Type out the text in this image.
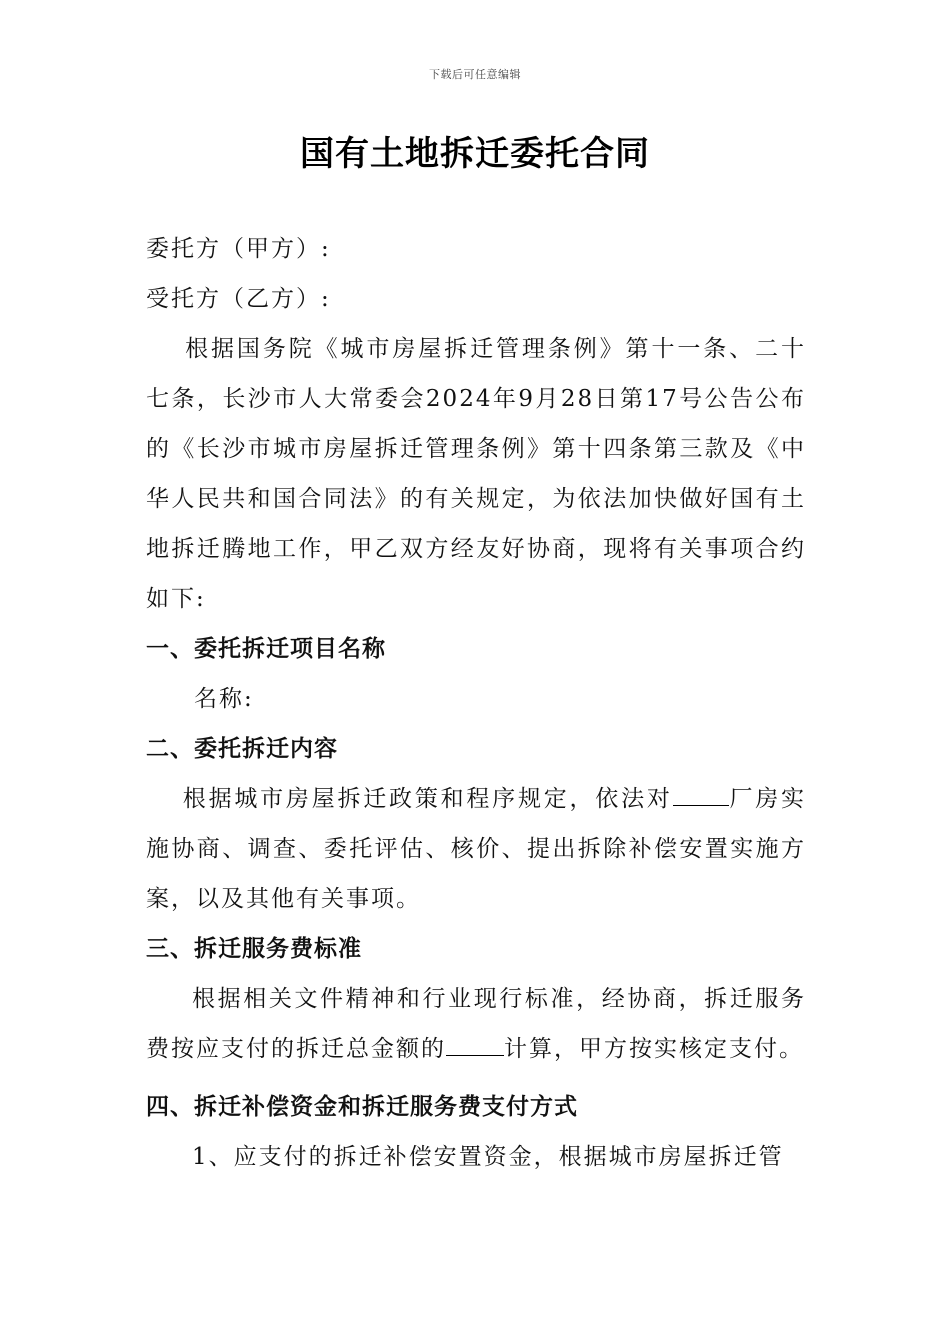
下载后可任意编辑
国有土地拆迁委托合同

委托方（甲方）:

受托方（乙方）:

根据国务院《城市房屋拆迁管理条例》第十一条、二十七条，长沙市人大常委会2024年9月28日第17号公告公布的《长沙市城市房屋拆迁管理条例》第十四条第三款及《中华人民共和国合同法》的有关规定，为依法加快做好国有土地拆迁腾地工作，甲乙双方经友好协商，现将有关事项合约如下:

一、委托拆迁项目名称

名称:

二、委托拆迁内容

根据城市房屋拆迁政策和程序规定，依法对 厂房实施协商、调查、委托评估、核价、提出拆除补偿安置实施方案，以及其他有关事项。

三、拆迁服务费标准

根据相关文件精神和行业现行标准，经协商，拆迁服务费按应支付的拆迁总金额的	计算，甲方按实核定支付。

四、拆迁补偿资金和拆迁服务费支付方式

1、应支付的拆迁补偿安置资金，根据城市房屋拆迁管
